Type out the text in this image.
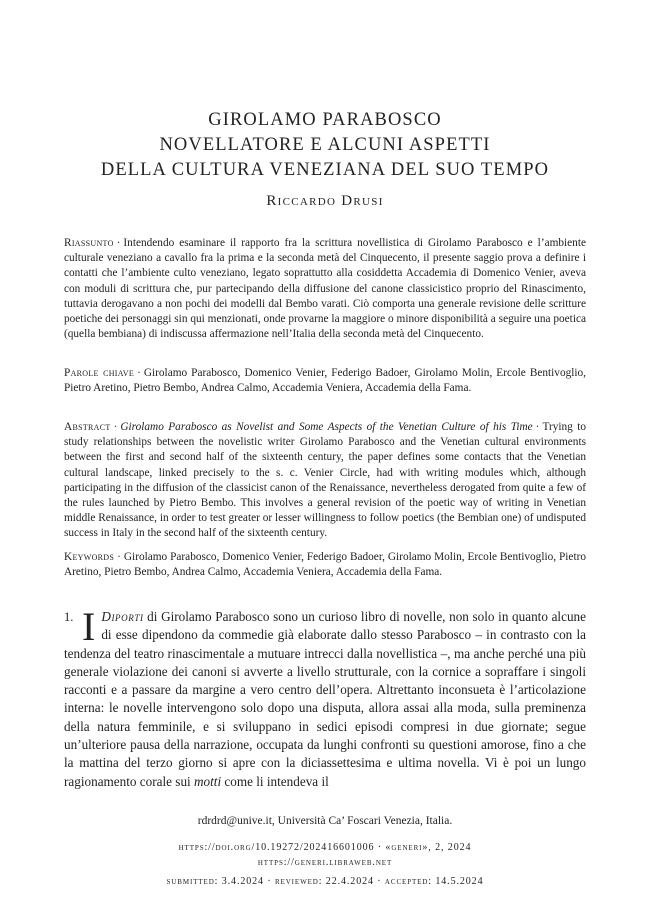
GIROLAMO PARABOSCO
NOVELLATORE E ALCUNI ASPETTI
DELLA CULTURA VENEZIANA DEL SUO TEMPO
Riccardo Drusi
Riassunto · Intendendo esaminare il rapporto fra la scrittura novellistica di Girolamo Parabosco e l’ambiente culturale veneziano a cavallo fra la prima e la seconda metà del Cinquecento, il presente saggio prova a definire i contatti che l’ambiente culto veneziano, legato soprattutto alla cosiddetta Accademia di Domenico Venier, aveva con moduli di scrittura che, pur partecipando della diffusione del canone classicistico proprio del Rinascimento, tuttavia derogavano a non pochi dei modelli dal Bembo varati. Ciò comporta una generale revisione delle scritture poetiche dei personaggi sin qui menzionati, onde provarne la maggiore o minore disponibilità a seguire una poetica (quella bembiana) di indiscussa affermazione nell’Italia della seconda metà del Cinquecento.
Parole chiave · Girolamo Parabosco, Domenico Venier, Federigo Badoer, Girolamo Molin, Ercole Bentivoglio, Pietro Aretino, Pietro Bembo, Andrea Calmo, Accademia Veniera, Accademia della Fama.
Abstract · Girolamo Parabosco as Novelist and Some Aspects of the Venetian Culture of his Time · Trying to study relationships between the novelistic writer Girolamo Parabosco and the Venetian cultural environments between the first and second half of the sixteenth century, the paper defines some contacts that the Venetian cultural landscape, linked precisely to the s. c. Venier Circle, had with writing modules which, although participating in the diffusion of the classicist canon of the Renaissance, nevertheless derogated from quite a few of the rules launched by Pietro Bembo. This involves a general revision of the poetic way of writing in Venetian middle Renaissance, in order to test greater or lesser willingness to follow poetics (the Bembian one) of undisputed success in Italy in the second half of the sixteenth century.
Keywords · Girolamo Parabosco, Domenico Venier, Federigo Badoer, Girolamo Molin, Ercole Bentivoglio, Pietro Aretino, Pietro Bembo, Andrea Calmo, Accademia Veniera, Accademia della Fama.
1. I Diporti di Girolamo Parabosco sono un curioso libro di novelle, non solo in quanto alcune di esse dipendono da commedie già elaborate dallo stesso Parabosco – in contrasto con la tendenza del teatro rinascimentale a mutuare intrecci dalla novellistica –, ma anche perché una più generale violazione dei canoni si avverte a livello strutturale, con la cornice a sopraffare i singoli racconti e a passare da margine a vero centro dell’opera. Altrettanto inconsueta è l’articolazione interna: le novelle intervengono solo dopo una disputa, allora assai alla moda, sulla preminenza della natura femminile, e si sviluppano in sedici episodi compresi in due giornate; segue un’ulteriore pausa della narrazione, occupata da lunghi confronti su questioni amorose, fino a che la mattina del terzo giorno si apre con la diciassettesima e ultima novella. Vi è poi un lungo ragionamento corale sui motti come li intendeva il
rdrdrd@unive.it, Università Ca’ Foscari Venezia, Italia.
https://doi.org/10.19272/202416601006 · «generi», 2, 2024
https://generi.libraweb.net
submitted: 3.4.2024 · reviewed: 22.4.2024 · accepted: 14.5.2024
